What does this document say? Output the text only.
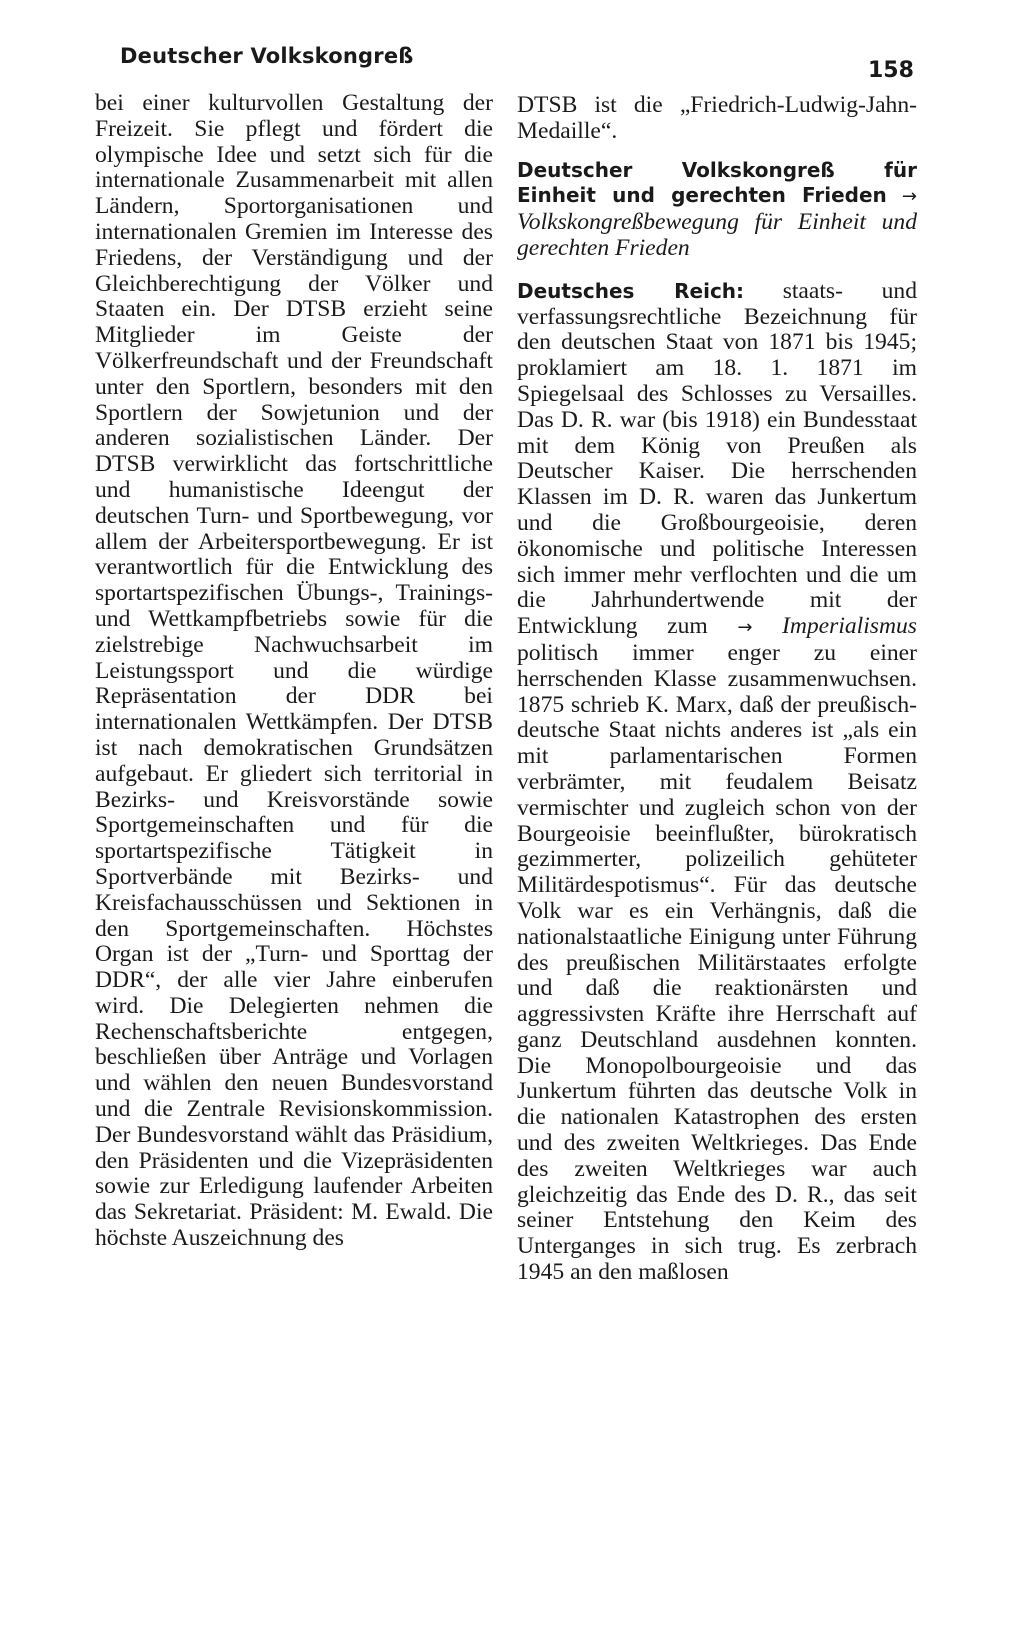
Deutscher Volkskongreß
158

bei einer kulturvollen Gestaltung der Freizeit. Sie pflegt und fördert die olympische Idee und setzt sich für die internationale Zusammenarbeit mit allen Ländern, Sportorganisationen und internationalen Gremien im Interesse des Friedens, der Verständigung und der Gleichberechtigung der Völker und Staaten ein. Der DTSB erzieht seine Mitglieder im Geiste der Völkerfreundschaft und der Freundschaft unter den Sportlern, besonders mit den Sportlern der Sowjetunion und der anderen sozialistischen Länder. Der DTSB verwirklicht das fortschrittliche und humanistische Ideengut der deutschen Turn- und Sportbewegung, vor allem der Arbeitersportbewegung. Er ist verantwortlich für die Entwicklung des sportartspezifischen Übungs-, Trainings- und Wettkampfbetriebs sowie für die zielstrebige Nachwuchsarbeit im Leistungssport und die würdige Repräsentation der DDR bei internationalen Wettkämpfen. Der DTSB ist nach demokratischen Grundsätzen aufgebaut. Er gliedert sich territorial in Bezirks- und Kreisvorstände sowie Sportgemeinschaften und für die sportartspezifische Tätigkeit in Sportverbände mit Bezirks- und Kreisfachausschüssen und Sektionen in den Sportgemeinschaften. Höchstes Organ ist der „Turn- und Sporttag der DDR“, der alle vier Jahre einberufen wird. Die Delegierten nehmen die Rechenschaftsberichte entgegen, beschließen über Anträge und Vorlagen und wählen den neuen Bundesvorstand und die Zentrale Revisionskommission. Der Bundesvorstand wählt das Präsidium, den Präsidenten und die Vizepräsidenten sowie zur Erledigung laufender Arbeiten das Sekretariat. Präsident: M. Ewald. Die höchste Auszeichnung des

DTSB ist die „Friedrich-Ludwig-Jahn-Medaille“.

Deutscher Volkskongreß für Einheit und gerechten Frieden → Volkskongreßbewegung für Einheit und gerechten Frieden

Deutsches Reich: staats- und verfassungsrechtliche Bezeichnung für den deutschen Staat von 1871 bis 1945; proklamiert am 18. 1. 1871 im Spiegelsaal des Schlosses zu Versailles. Das D. R. war (bis 1918) ein Bundesstaat mit dem König von Preußen als Deutscher Kaiser. Die herrschenden Klassen im D. R. waren das Junkertum und die Großbourgeoisie, deren ökonomische und politische Interessen sich immer mehr verflochten und die um die Jahrhundertwende mit der Entwicklung zum → Imperialismus politisch immer enger zu einer herrschenden Klasse zusammenwuchsen. 1875 schrieb K. Marx, daß der preußisch-deutsche Staat nichts anderes ist „als ein mit parlamentarischen Formen verbrämter, mit feudalem Beisatz vermischter und zugleich schon von der Bourgeoisie beeinflußter, bürokratisch gezimmerter, polizeilich gehüteter Militärdespotismus“. Für das deutsche Volk war es ein Verhängnis, daß die nationalstaatliche Einigung unter Führung des preußischen Militärstaates erfolgte und daß die reaktionärsten und aggressivsten Kräfte ihre Herrschaft auf ganz Deutschland ausdehnen konnten. Die Monopolbourgeoisie und das Junkertum führten das deutsche Volk in die nationalen Katastrophen des ersten und des zweiten Weltkrieges. Das Ende des zweiten Weltkrieges war auch gleichzeitig das Ende des D. R., das seit seiner Entstehung den Keim des Unterganges in sich trug. Es zerbrach 1945 an den maßlosen
